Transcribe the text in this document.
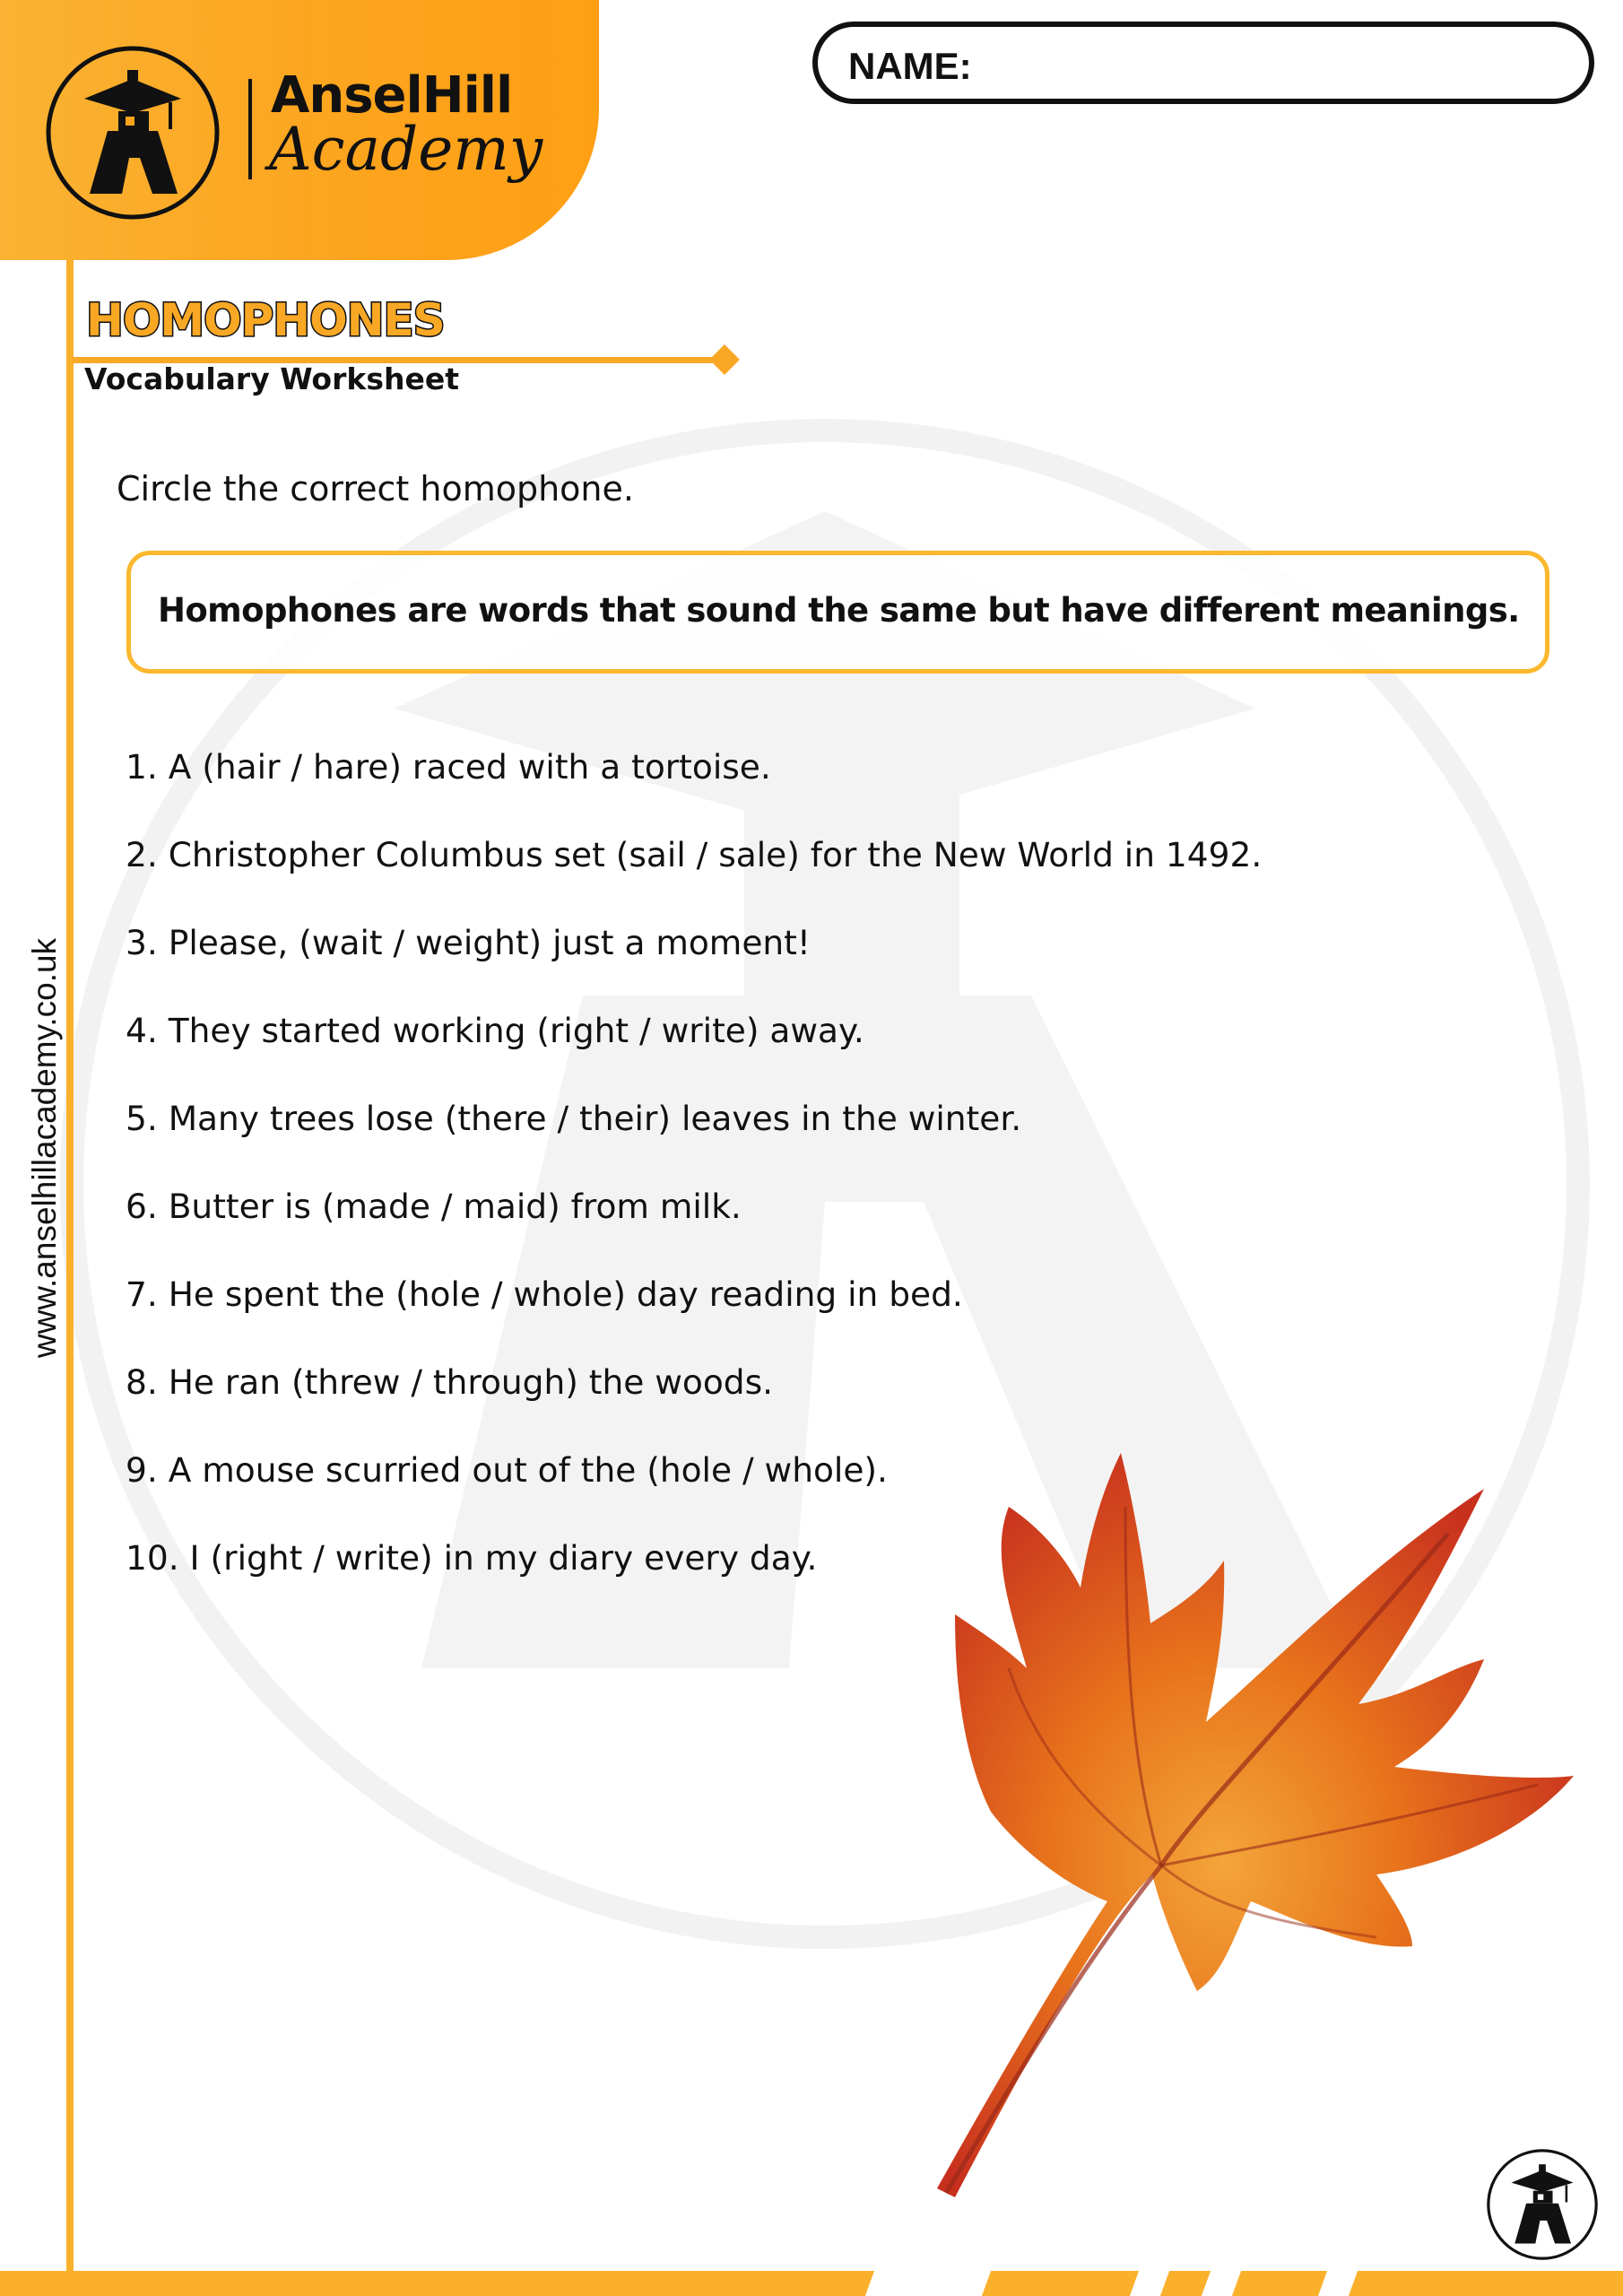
AnselHill
Academy
NAME:
www.anselhillacademy.co.uk
HOMOPHONES
Vocabulary Worksheet
Circle the correct homophone.
Homophones are words that sound the same but have different meanings.
1. A (hair / hare) raced with a tortoise.
2. Christopher Columbus set (sail / sale) for the New World in 1492.
3. Please, (wait / weight) just a moment!
4. They started working (right / write) away.
5. Many trees lose (there / their) leaves in the winter.
6. Butter is (made / maid) from milk.
7. He spent the (hole / whole) day reading in bed.
8. He ran (threw / through) the woods.
9. A mouse scurried out of the (hole / whole).
10. I (right / write) in my diary every day.
